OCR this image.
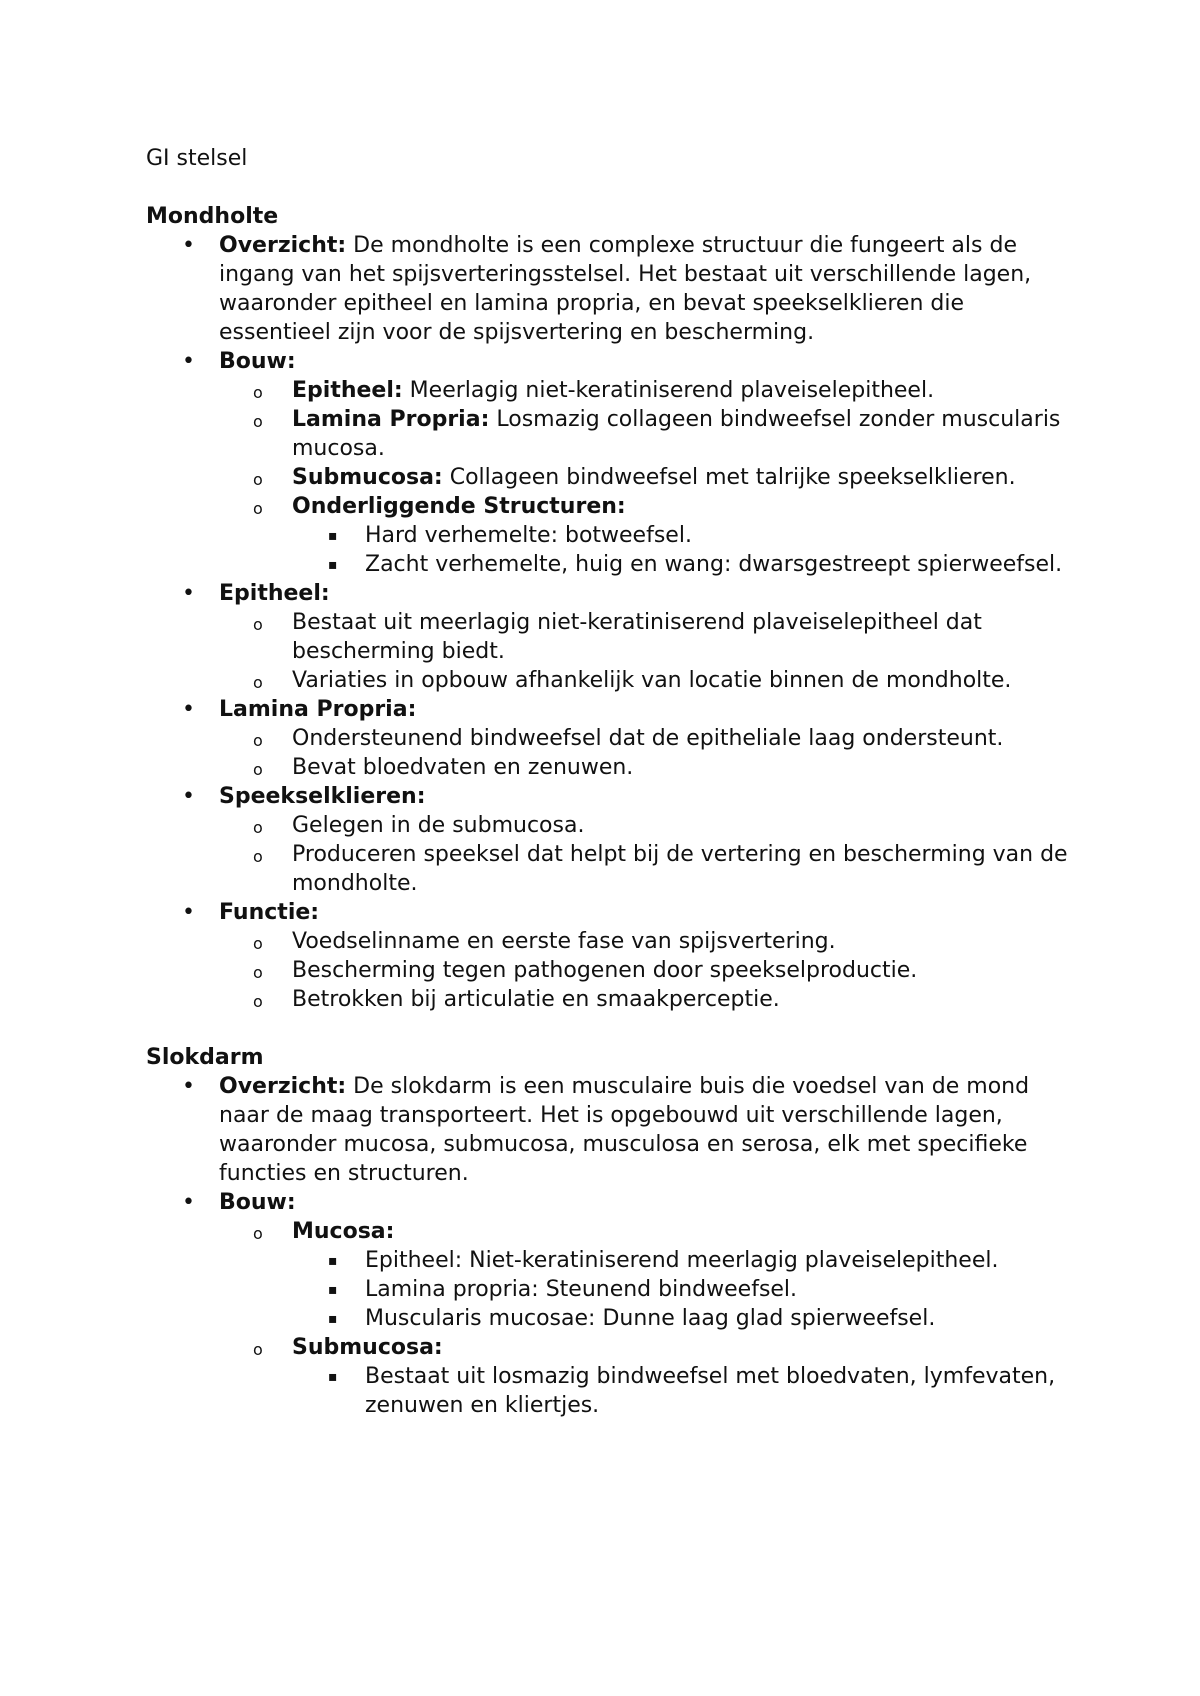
GI stelsel
Mondholte
• Overzicht: De mondholte is een complexe structuur die fungeert als de ingang van het spijsverteringsstelsel. Het bestaat uit verschillende lagen, waaronder epitheel en lamina propria, en bevat speekselklieren die essentieel zijn voor de spijsvertering en bescherming.
• Bouw:
o Epitheel: Meerlagig niet-keratiniserend plaveiselepitheel.
o Lamina Propria: Losmazig collageen bindweefsel zonder muscularis mucosa.
o Submucosa: Collageen bindweefsel met talrijke speekselklieren.
o Onderliggende Structuren:
▪ Hard verhemelte: botweefsel.
▪ Zacht verhemelte, huig en wang: dwarsgestreept spierweefsel.
• Epitheel:
o Bestaat uit meerlagig niet-keratiniserend plaveiselepitheel dat bescherming biedt.
o Variaties in opbouw afhankelijk van locatie binnen de mondholte.
• Lamina Propria:
o Ondersteunend bindweefsel dat de epitheliale laag ondersteunt.
o Bevat bloedvaten en zenuwen.
• Speekselklieren:
o Gelegen in de submucosa.
o Produceren speeksel dat helpt bij de vertering en bescherming van de mondholte.
• Functie:
o Voedselinname en eerste fase van spijsvertering.
o Bescherming tegen pathogenen door speekselproductie.
o Betrokken bij articulatie en smaakperceptie.
Slokdarm
• Overzicht: De slokdarm is een musculaire buis die voedsel van de mond naar de maag transporteert. Het is opgebouwd uit verschillende lagen, waaronder mucosa, submucosa, musculosa en serosa, elk met specifieke functies en structuren.
• Bouw:
o Mucosa:
▪ Epitheel: Niet-keratiniserend meerlagig plaveiselepitheel.
▪ Lamina propria: Steunend bindweefsel.
▪ Muscularis mucosae: Dunne laag glad spierweefsel.
o Submucosa:
▪ Bestaat uit losmazig bindweefsel met bloedvaten, lymfevaten, zenuwen en kliertjes.
